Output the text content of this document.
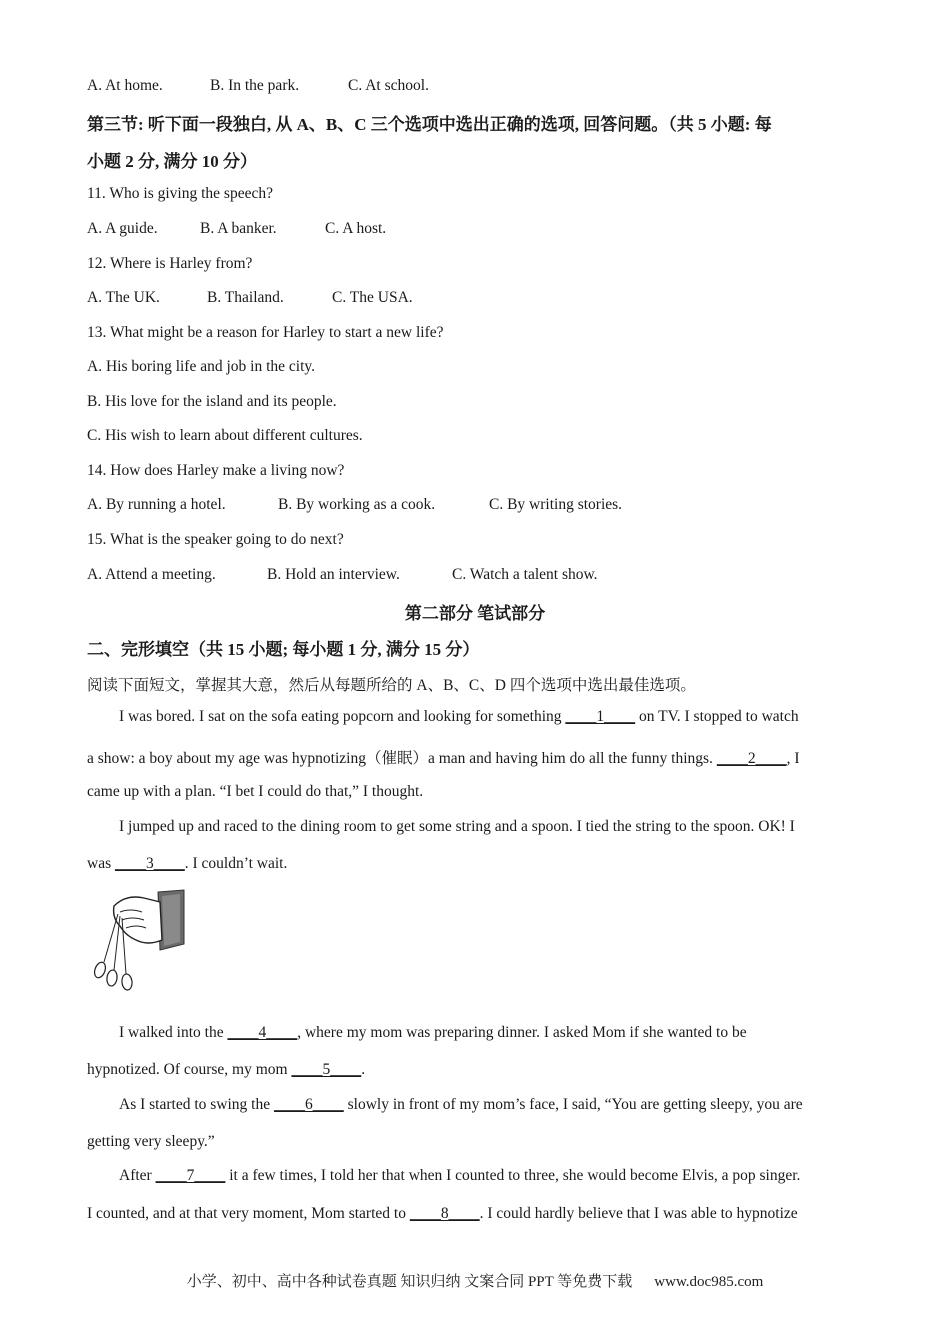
A. At home.	B. In the park.	C. At school.
第三节: 听下面一段独白, 从 A、B、C 三个选项中选出正确的选项, 回答问题。（共 5 小题: 每
小题 2 分, 满分 10 分）
11. Who is giving the speech?
A. A guide.	B. A banker.	C. A host.
12. Where is Harley from?
A. The UK.	B. Thailand.	C. The USA.
13. What might be a reason for Harley to start a new life?
A. His boring life and job in the city.
B. His love for the island and its people.
C. His wish to learn about different cultures.
14. How does Harley make a living now?
A. By running a hotel.	B. By working as a cook.	C. By writing stories.
15. What is the speaker going to do next?
A. Attend a meeting.	B. Hold an interview.	C. Watch a talent show.
第二部分 笔试部分
二、完形填空（共 15 小题; 每小题 1 分, 满分 15 分）
阅读下面短文，掌握其大意，然后从每题所给的 A、B、C、D 四个选项中选出最佳选项。
I was bored. I sat on the sofa eating popcorn and looking for something ____1____ on TV. I stopped to watch
a show: a boy about my age was hypnotizing（催眠）a man and having him do all the funny things. ____2____, I
came up with a plan. “I bet I could do that,” I thought.
I jumped up and raced to the dining room to get some string and a spoon. I tied the string to the spoon. OK! I
was ____3____. I couldn’t wait.
I walked into the ____4____, where my mom was preparing dinner. I asked Mom if she wanted to be
hypnotized. Of course, my mom ____5____.
As I started to swing the ____6____ slowly in front of my mom’s face, I said, “You are getting sleepy, you are
getting very sleepy.”
After ____7____ it a few times, I told her that when I counted to three, she would become Elvis, a pop singer.
I counted, and at that very moment, Mom started to ____8____. I could hardly believe that I was able to hypnotize
小学、初中、高中各种试卷真题 知识归纳 文案合同 PPT 等免费下载 www.doc985.com
